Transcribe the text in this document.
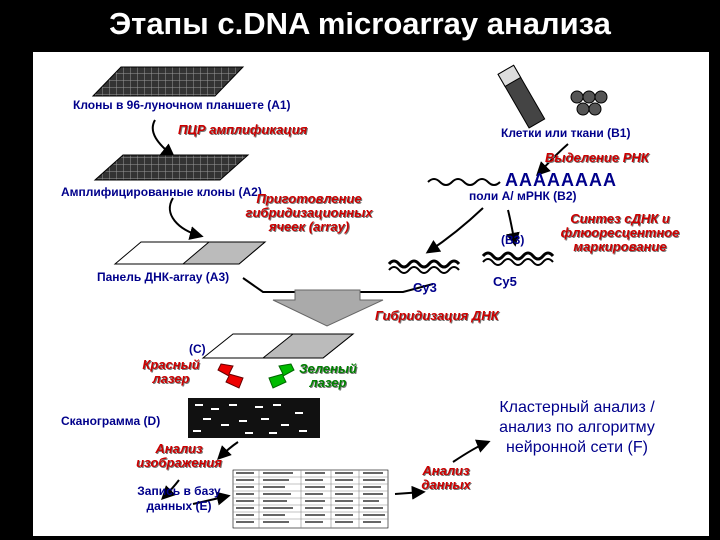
Этапы c.DNA microarray анализа
Клоны в 96-луночном планшете (A1)
ПЦР амплификация	Клетки или ткани (B1)
Выделение РНК
AAAAAAAA
поли А/ мРНК (B2)
Амплифицированные клоны (A2)
Приготовление
гибридизационных
ячеек (array)
Синтез сДНК и
флюоресцентное
маркирование
(B3)
Панель ДНК-array (A3)
Cy3	Cy5
Гибридизация ДНК
(C)
Красный
лазер
Зеленый
лазер
Сканограмма (D)
Кластерный анализ /
анализ по алгоритму
нейронной сети (F)
Анализ
изображения
Запись в базу
данных (E)
Анализ
данных
